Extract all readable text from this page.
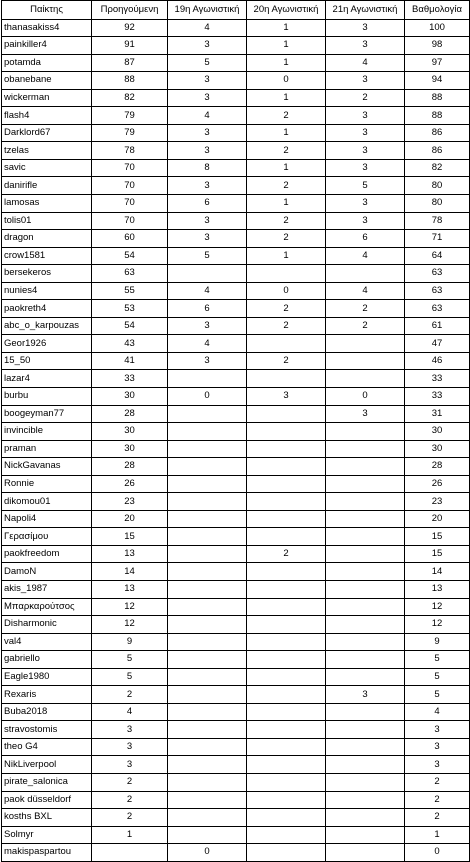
Παίκτης	Προηγούμενη	19η Αγωνιστική	20η Αγωνιστική	21η Αγωνιστική	Βαθμολογία
thanasakiss4	92	4	1	3	100
painkiller4	91	3	1	3	98
potamda	87	5	1	4	97
obanebane	88	3	0	3	94
wickerman	82	3	1	2	88
flash4	79	4	2	3	88
Darklord67	79	3	1	3	86
tzelas	78	3	2	3	86
savic	70	8	1	3	82
danirifle	70	3	2	5	80
lamosas	70	6	1	3	80
tolis01	70	3	2	3	78
dragon	60	3	2	6	71
crow1581	54	5	1	4	64
bersekeros	63				63
nunies4	55	4	0	4	63
paokreth4	53	6	2	2	63
abc_o_karpouzas	54	3	2	2	61
Geor1926	43	4			47
15_50	41	3	2		46
lazar4	33				33
burbu	30	0	3	0	33
boogeyman77	28			3	31
invincible	30				30
praman	30				30
NickGavanas	28				28
Ronnie	26				26
dikomou01	23				23
Napoli4	20				20
Γερασίμου	15				15
paokfreedom	13		2		15
DamoN	14				14
akis_1987	13				13
Μπαρκαρούτσος	12				12
Disharmonic	12				12
val4	9				9
gabriello	5				5
Eagle1980	5				5
Rexaris	2			3	5
Buba2018	4				4
stravostomis	3				3
theo G4	3				3
NikLiverpool	3				3
pirate_salonica	2				2
paok düsseldorf	2				2
kosths BXL	2				2
Solmyr	1				1
makispaspartou		0			0
